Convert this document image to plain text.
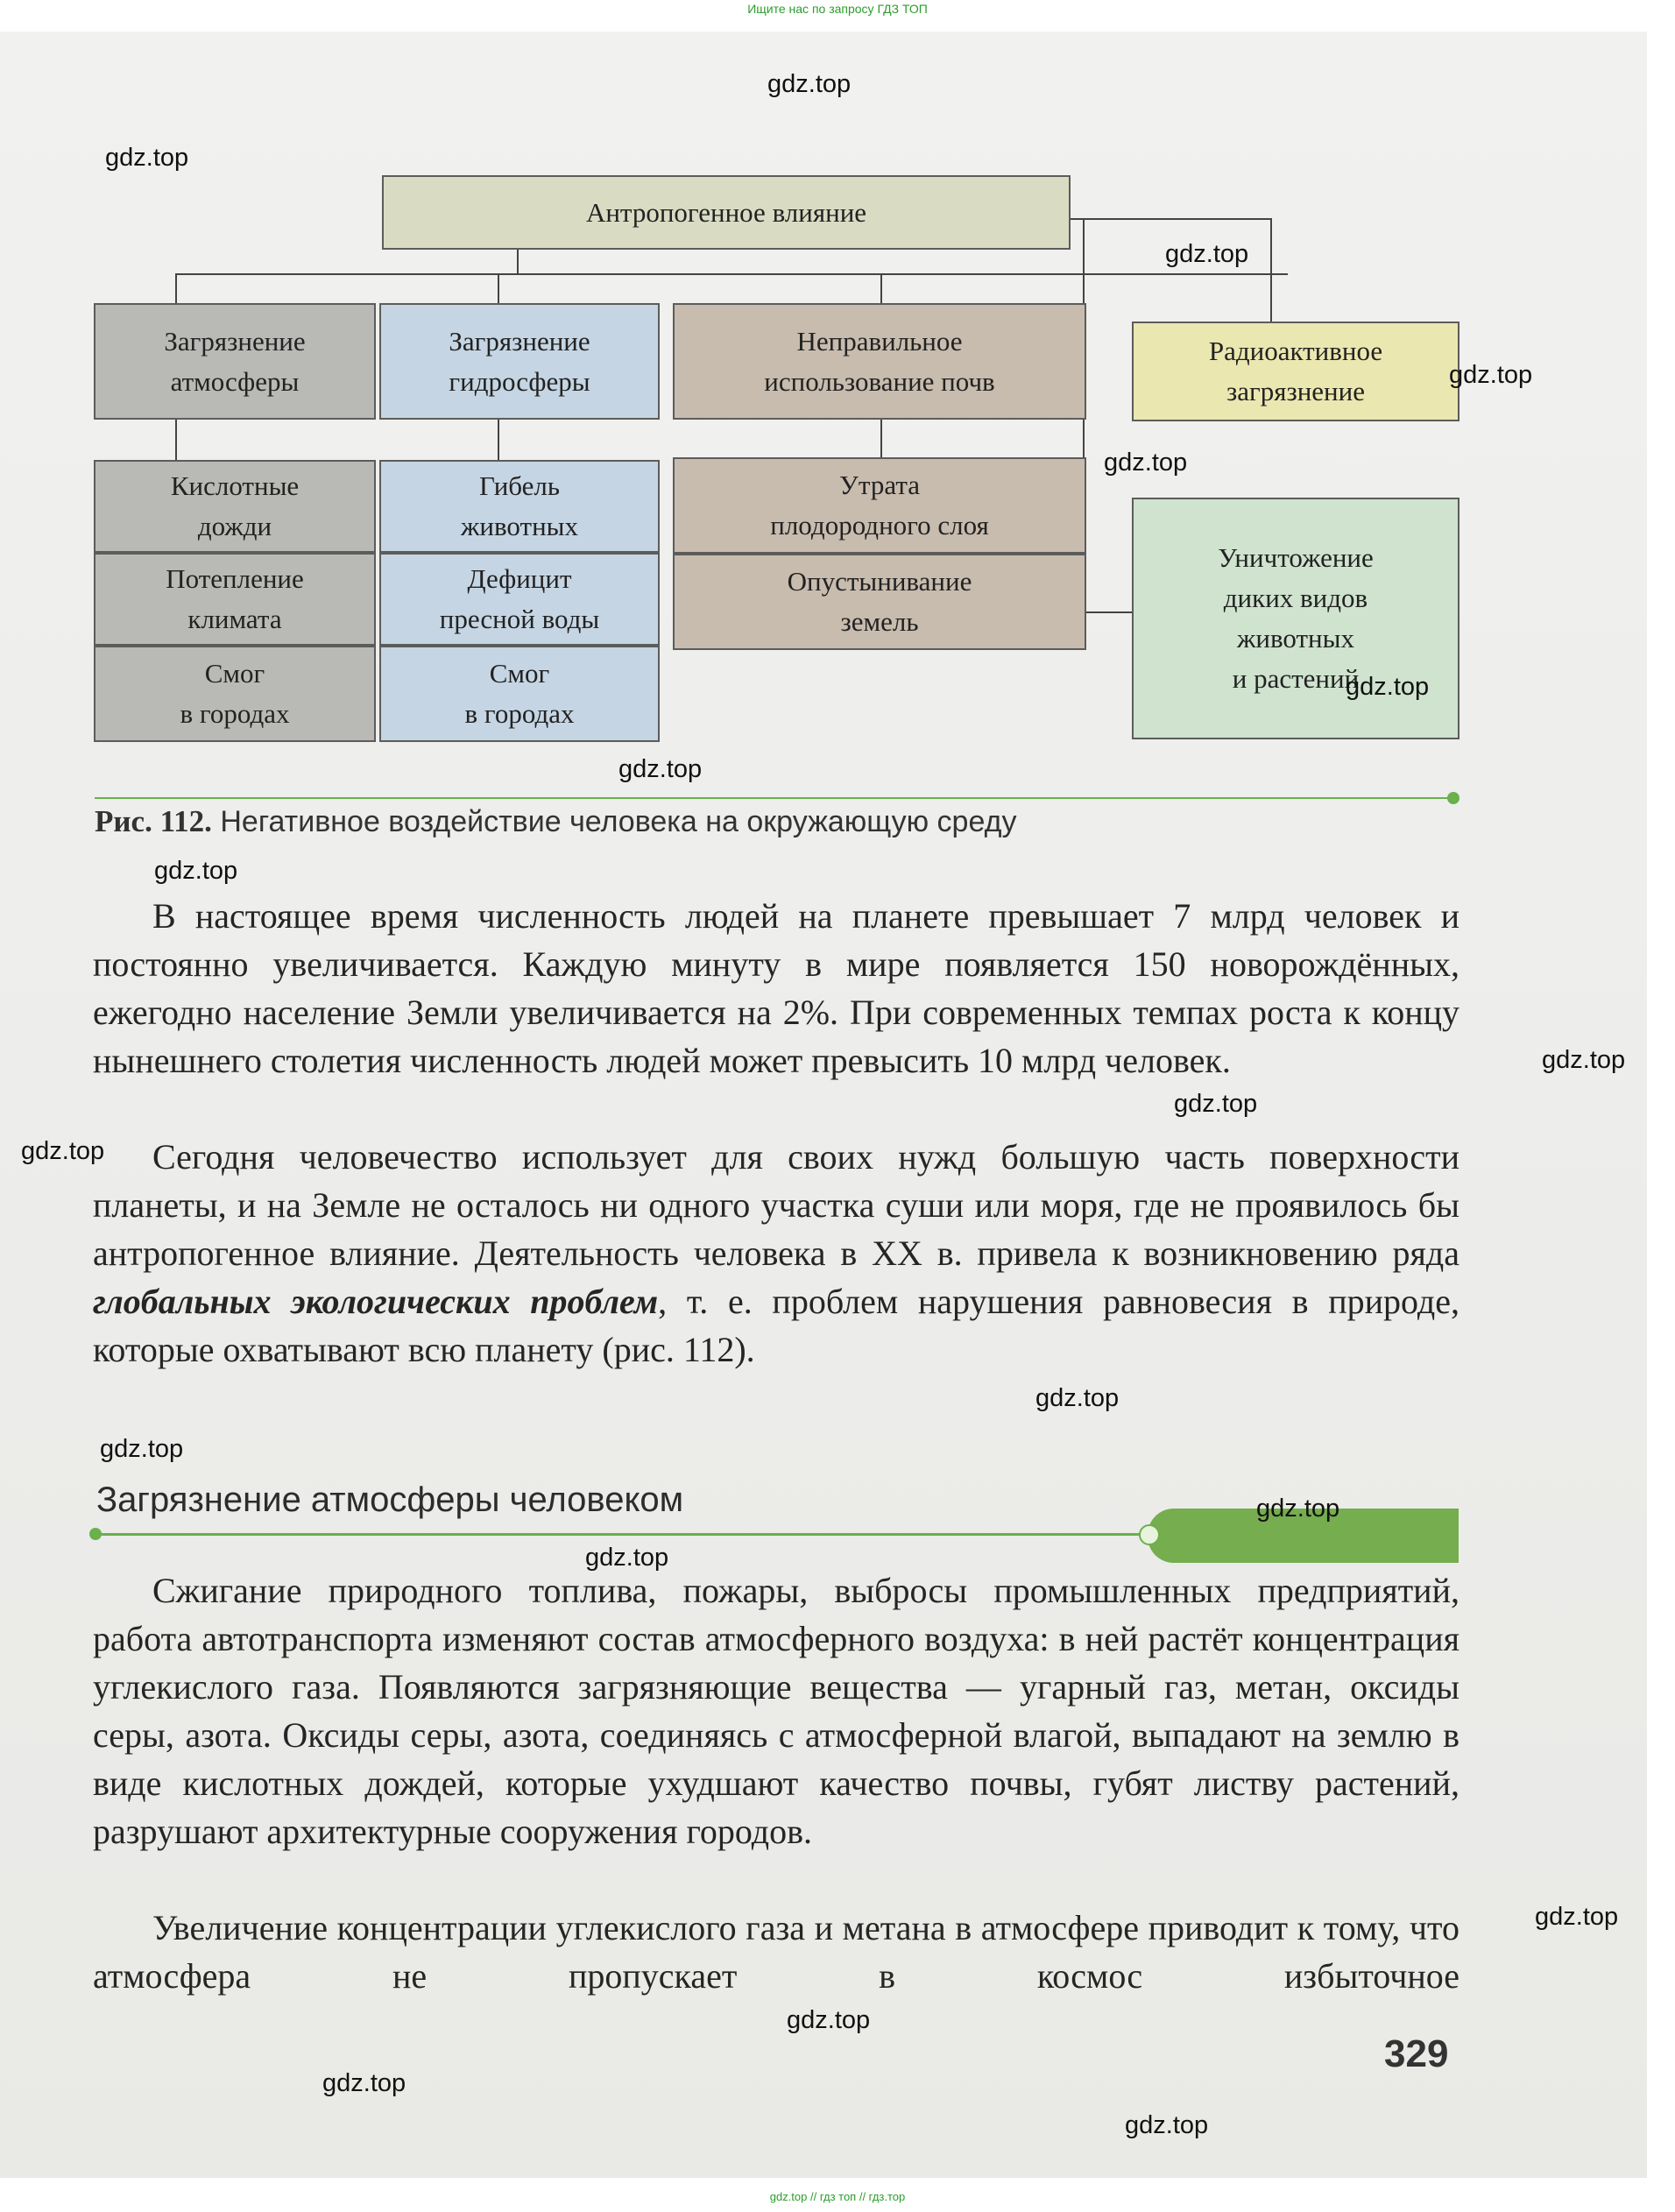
Ищите нас по запросу ГДЗ ТОП
Антропогенное влияние
Загрязнение
атмосферы
Кислотные
дожди
Потепление
климата
Смог
в городах
Загрязнение
гидросферы
Гибель
животных
Дефицит
пресной воды
Смог
в городах
Неправильное
использование почв
Утрата
плодородного слоя
Опустынивание
земель
Радиоактивное
загрязнение
Уничтожение
диких видов
животных
и растений
Рис. 112. Негативное воздействие человека на окружающую среду

В настоящее время численность людей на планете превышает 7 млрд человек и постоянно увеличивается. Каждую минуту в мире появляется 150 новорождённых, ежегодно население Земли увеличивается на 2%. При современных темпах роста к концу нынешнего столетия численность людей может превысить 10 млрд человек.

Сегодня человечество использует для своих нужд большую часть поверхности планеты, и на Земле не осталось ни одного участка суши или моря, где не проявилось бы антропогенное влияние. Деятельность человека в XX в. привела к возникновению ряда глобальных экологических проблем, т. е. проблем нарушения равновесия в природе, которые охватывают всю планету (рис. 112).

Загрязнение атмосферы человеком

Сжигание природного топлива, пожары, выбросы промышленных предприятий, работа автотранспорта изменяют состав атмосферного воздуха: в ней растёт концентрация углекислого газа. Появляются загрязняющие вещества — угарный газ, метан, оксиды серы, азота. Оксиды серы, азота, соединяясь с атмосферной влагой, выпадают на землю в виде кислотных дождей, которые ухудшают качество почвы, губят листву растений, разрушают архитектурные сооружения городов.

Увеличение концентрации углекислого газа и метана в атмосфере приводит к тому, что атмосфера не пропускает в космос избыточное

329
gdz.top
gdz.top
gdz.top
gdz.top
gdz.top
gdz.top
gdz.top
gdz.top
gdz.top
gdz.top
gdz.top
gdz.top
gdz.top
gdz.top
gdz.top
gdz.top
gdz.top
gdz.top
gdz.top
gdz.top // гдз топ // гдз.тор
